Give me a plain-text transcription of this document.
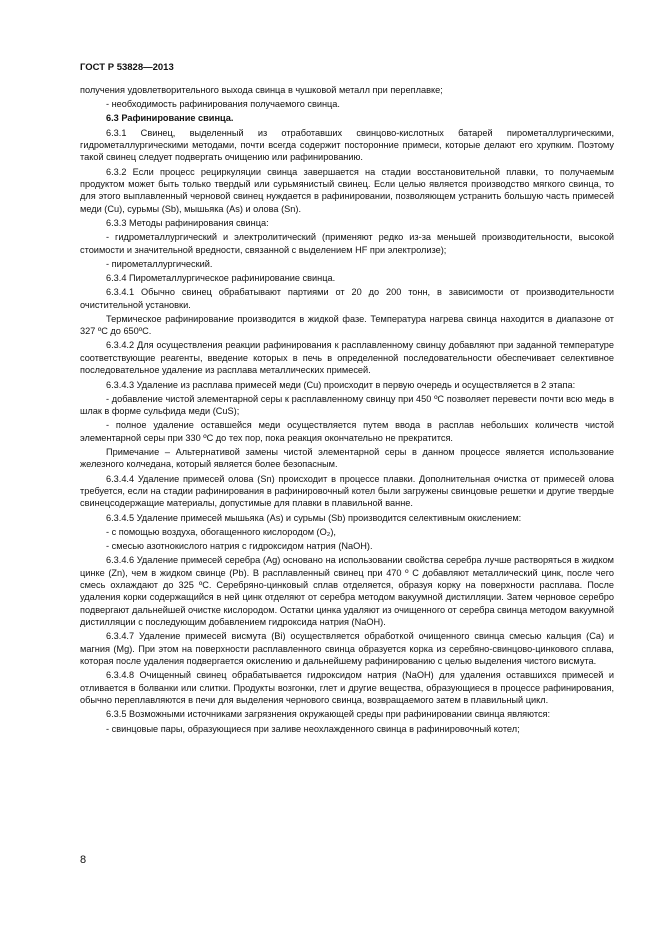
ГОСТ Р 53828—2013

получения удовлетворительного выхода свинца в чушковой металл при переплавке;

- необходимость рафинирования получаемого свинца.

6.3 Рафинирование свинца.

6.3.1 Свинец, выделенный из отработавших свинцово-кислотных батарей пирометаллургическими, гидрометаллургическими методами, почти всегда содержит посторонние примеси, которые делают его хрупким. Поэтому такой свинец следует подвергать очищению или рафинированию.

6.3.2 Если процесс рециркуляции свинца завершается на стадии восстановительной плавки, то получаемым продуктом может быть только твердый или сурьмянистый свинец. Если целью является производство мягкого свинца, то для этого выплавленный черновой свинец нуждается в рафинировании, позволяющем устранить большую часть примесей меди (Cu), сурьмы (Sb), мышьяка (As) и олова (Sn).

6.3.3 Методы рафинирования свинца:

- гидрометаллургический и электролитический (применяют редко из-за меньшей производительности, высокой стоимости и значительной вредности, связанной с выделением HF при электролизе);

- пирометаллургический.

6.3.4 Пирометаллургическое рафинирование свинца.

6.3.4.1 Обычно свинец обрабатывают партиями от 20 до 200 тонн, в зависимости от производительности очистительной установки.

Термическое рафинирование производится в жидкой фазе. Температура нагрева свинца находится в диапазоне от 327 ºС до 650ºС.

6.3.4.2 Для осуществления реакции рафинирования к расплавленному свинцу добавляют при заданной температуре соответствующие реагенты, введение которых в печь в определенной последовательности обеспечивает селективное последовательное удаление из расплава металлических примесей.

6.3.4.3 Удаление из расплава примесей меди (Cu) происходит в первую очередь и осуществляется в 2 этапа:

- добавление чистой элементарной серы к расплавленному свинцу при 450 ºС позволяет перевести почти всю медь в шлак в форме сульфида меди (CuS);

- полное удаление оставшейся меди осуществляется путем ввода в расплав небольших количеств чистой элементарной серы при 330 ºС до тех пор, пока реакция окончательно не прекратится.

Примечание – Альтернативой замены чистой элементарной серы в данном процессе является использование железного колчедана, который является более безопасным.

6.3.4.4 Удаление примесей олова (Sn) происходит в процессе плавки. Дополнительная очистка от примесей олова требуется, если на стадии рафинирования в рафинировочный котел были загружены свинцовые решетки и другие твердые свинецсодержащие материалы, допустимые для плавки в плавильной ванне.

6.3.4.5 Удаление примесей мышьяка (As) и сурьмы (Sb) производится селективным окислением:

- с помощью воздуха, обогащенного кислородом (O₂),

- смесью азотнокислого натрия с гидроксидом натрия (NaOH).

6.3.4.6 Удаление примесей серебра (Ag) основано на использовании свойства серебра лучше растворяться в жидком цинке (Zn), чем в жидком свинце (Pb). В расплавленный свинец при 470 º С добавляют металлический цинк, после чего смесь охлаждают до 325 ºС. Серебряно-цинковый сплав отделяется, образуя корку на поверхности расплава. После удаления корки содержащийся в ней цинк отделяют от серебра методом вакуумной дистилляции. Затем черновое серебро подвергают дальнейшей очистке кислородом. Остатки цинка удаляют из очищенного от серебра свинца методом вакуумной дистилляции с последующим добавлением гидроксида натрия (NaOH).

6.3.4.7 Удаление примесей висмута (Bi) осуществляется обработкой очищенного свинца смесью кальция (Ca) и магния (Mg). При этом на поверхности расплавленного свинца образуется корка из серебяно-свинцово-цинкового сплава, которая после удаления подвергается окислению и дальнейшему рафинированию с целью выделения чистого висмута.

6.3.4.8 Очищенный свинец обрабатывается гидроксидом натрия (NaOH) для удаления оставшихся примесей и отливается в болванки или слитки. Продукты возгонки, глет и другие вещества, образующиеся в процессе рафинирования, обычно переплавляются в печи для выделения чернового свинца, возвращаемого затем в плавильный цикл.

6.3.5 Возможными источниками загрязнения окружающей среды при рафинировании свинца являются:

- свинцовые пары, образующиеся при заливе неохлажденного свинца в рафинировочный котел;

8
